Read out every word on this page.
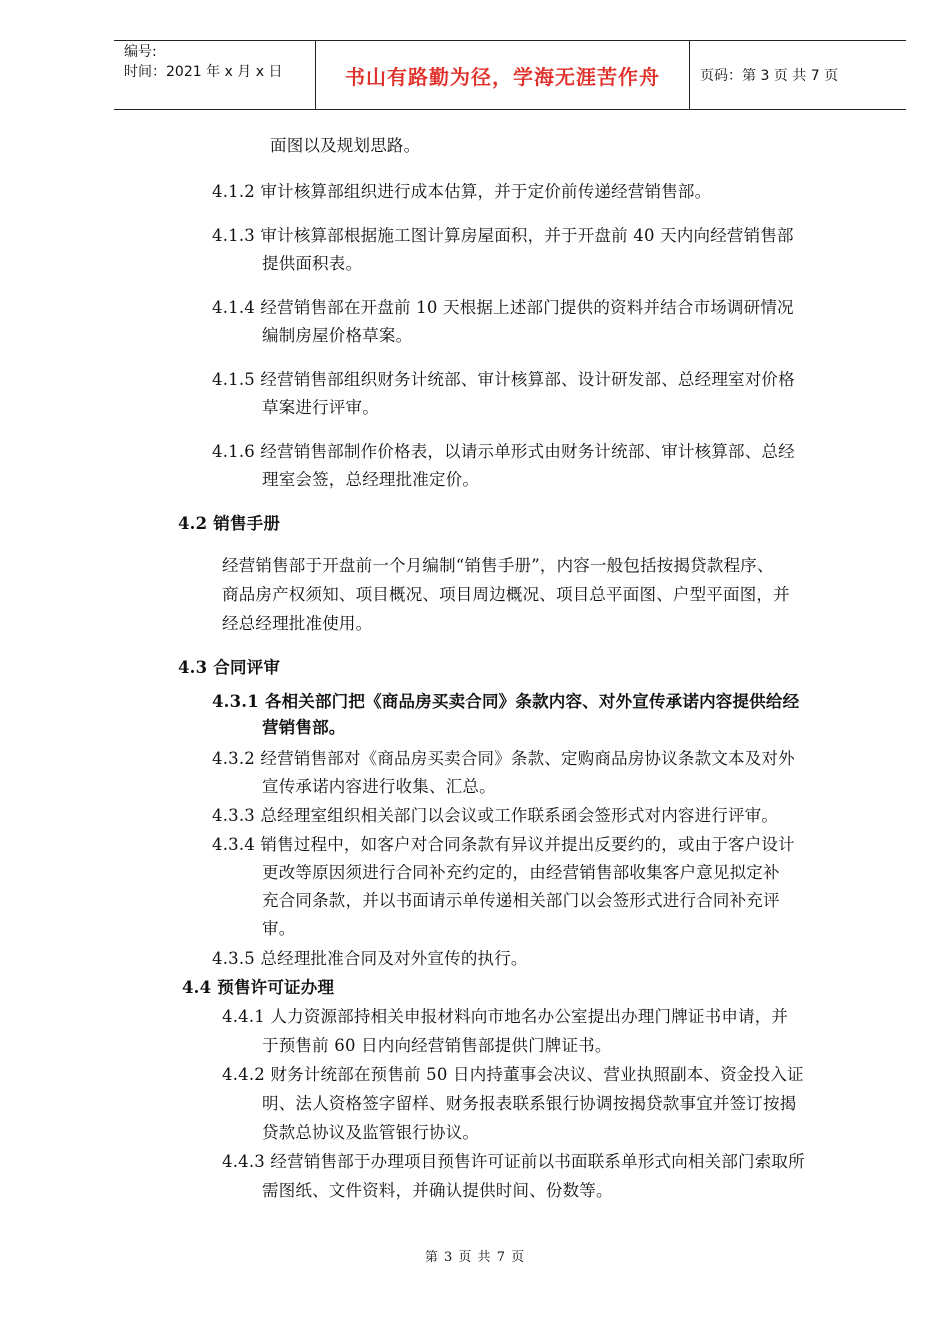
编号:
时间：2021 年 x 月 x 日	书山有路勤为径，学海无涯苦作舟	页码：第 3 页 共 7 页
面图以及规划思路。
4.1.2 审计核算部组织进行成本估算，并于定价前传递经营销售部。
4.1.3 审计核算部根据施工图计算房屋面积，并于开盘前 40 天内向经营销售部
提供面积表。
4.1.4 经营销售部在开盘前 10 天根据上述部门提供的资料并结合市场调研情况
编制房屋价格草案。
4.1.5 经营销售部组织财务计统部、审计核算部、设计研发部、总经理室对价格
草案进行评审。
4.1.6 经营销售部制作价格表，以请示单形式由财务计统部、审计核算部、总经
理室会签，总经理批准定价。
4.2 销售手册
经营销售部于开盘前一个月编制“销售手册”，内容一般包括按揭贷款程序、
商品房产权须知、项目概况、项目周边概况、项目总平面图、户型平面图，并
经总经理批准使用。
4.3 合同评审
4.3.1 各相关部门把《商品房买卖合同》条款内容、对外宣传承诺内容提供给经
营销售部。
4.3.2 经营销售部对《商品房买卖合同》条款、定购商品房协议条款文本及对外
宣传承诺内容进行收集、汇总。
4.3.3 总经理室组织相关部门以会议或工作联系函会签形式对内容进行评审。
4.3.4 销售过程中，如客户对合同条款有异议并提出反要约的，或由于客户设计
更改等原因须进行合同补充约定的，由经营销售部收集客户意见拟定补
充合同条款，并以书面请示单传递相关部门以会签形式进行合同补充评
审。
4.3.5 总经理批准合同及对外宣传的执行。
4.4 预售许可证办理
4.4.1 人力资源部持相关申报材料向市地名办公室提出办理门牌证书申请，并
于预售前 60 日内向经营销售部提供门牌证书。
4.4.2 财务计统部在预售前 50 日内持董事会决议、营业执照副本、资金投入证
明、法人资格签字留样、财务报表联系银行协调按揭贷款事宜并签订按揭
贷款总协议及监管银行协议。
4.4.3 经营销售部于办理项目预售许可证前以书面联系单形式向相关部门索取所
需图纸、文件资料，并确认提供时间、份数等。
第 3 页 共 7 页
